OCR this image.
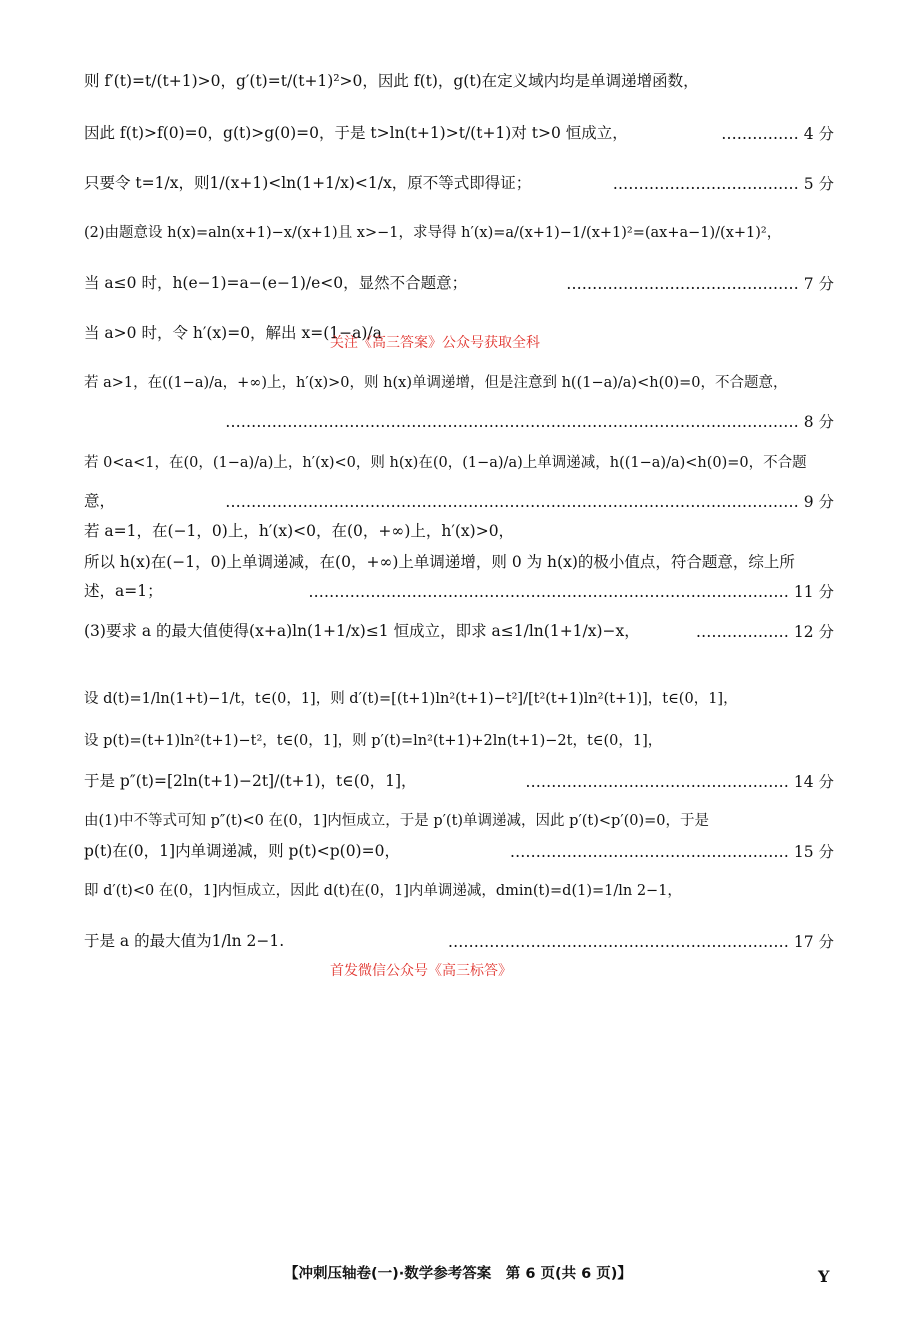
则 f′(t)=t/(t+1)>0，g′(t)=t/(t+1)²>0，因此 f(t)，g(t)在定义域内均是单调递增函数，
因此 f(t)>f(0)=0，g(t)>g(0)=0，于是 t>ln(t+1)>t/(t+1)对 t>0 恒成立，	…………… 4 分
只要令 t=1/x，则1/(x+1)<ln(1+1/x)<1/x，原不等式即得证；	……………………………… 5 分
(2)由题意设 h(x)=aln(x+1)−x/(x+1)且 x>−1，求导得 h′(x)=a/(x+1)−1/(x+1)²=(ax+a−1)/(x+1)²，
当 a≤0 时，h(e−1)=a−(e−1)/e<0，显然不合题意；	……………………………………… 7 分
当 a>0 时，令 h′(x)=0，解出 x=(1−a)/a
关注《高三答案》公众号获取全科
若 a>1，在((1−a)/a，+∞)上，h′(x)>0，则 h(x)单调递增，但是注意到 h((1−a)/a)<h(0)=0，不合题意，
………………………………………………………………………………………………… 8 分
若 0<a<1，在(0，(1−a)/a)上，h′(x)<0，则 h(x)在(0，(1−a)/a)上单调递减，h((1−a)/a)<h(0)=0，不合题
意，	………………………………………………………………………………………………… 9 分
若 a=1，在(−1，0)上，h′(x)<0，在(0，+∞)上，h′(x)>0，
所以 h(x)在(−1，0)上单调递减，在(0，+∞)上单调递增，则 0 为 h(x)的极小值点，符合题意，综上所
述，a=1；	………………………………………………………………………………… 11 分
(3)要求 a 的最大值使得(x+a)ln(1+1/x)≤1 恒成立，即求 a≤1/ln(1+1/x)−x，	……………… 12 分
设 d(t)=1/ln(1+t)−1/t，t∈(0，1]，则 d′(t)=[(t+1)ln²(t+1)−t²]/[t²(t+1)ln²(t+1)]，t∈(0，1]，
设 p(t)=(t+1)ln²(t+1)−t²，t∈(0，1]，则 p′(t)=ln²(t+1)+2ln(t+1)−2t，t∈(0，1]，
于是 p″(t)=[2ln(t+1)−2t]/(t+1)，t∈(0，1]，	…………………………………………… 14 分
由(1)中不等式可知 p″(t)<0 在(0，1]内恒成立，于是 p′(t)单调递减，因此 p′(t)<p′(0)=0，于是
p(t)在(0，1]内单调递减，则 p(t)<p(0)=0，	……………………………………………… 15 分
即 d′(t)<0 在(0，1]内恒成立，因此 d(t)在(0，1]内单调递减，dmin(t)=d(1)=1/ln 2−1，
于是 a 的最大值为1/ln 2−1.	………………………………………………………… 17 分
首发微信公众号《高三标答》
【冲刺压轴卷(一)·数学参考答案　第 6 页(共 6 页)】	Y
